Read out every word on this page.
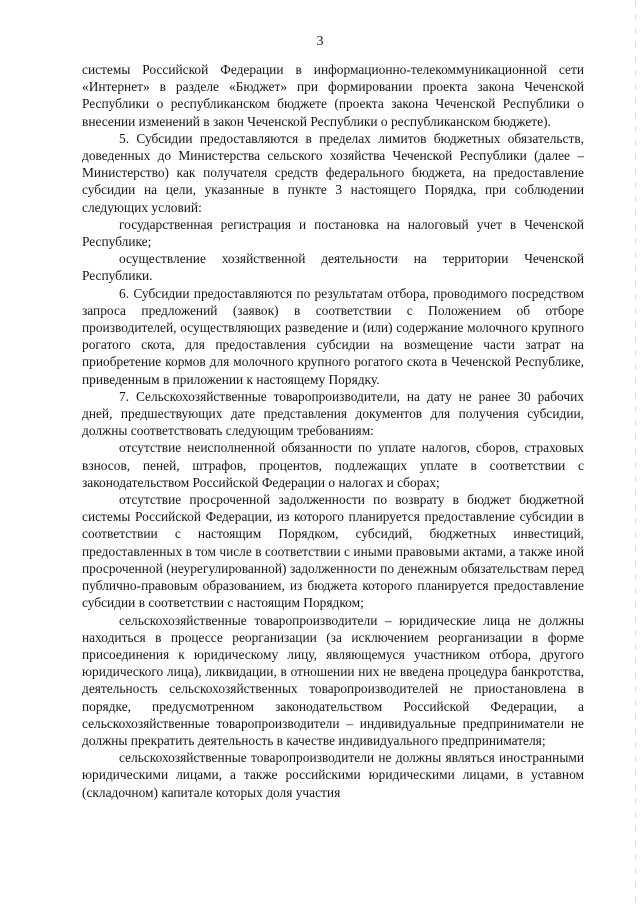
3

системы Российской Федерации в информационно-телекоммуникационной сети «Интернет» в разделе «Бюджет» при формировании проекта закона Чеченской Республики о республиканском бюджете (проекта закона Чеченской Республики о внесении изменений в закон Чеченской Республики о республиканском бюджете).

5. Субсидии предоставляются в пределах лимитов бюджетных обязательств, доведенных до Министерства сельского хозяйства Чеченской Республики (далее – Министерство) как получателя средств федерального бюджета, на предоставление субсидии на цели, указанные в пункте 3 настоящего Порядка, при соблюдении следующих условий:

государственная регистрация и постановка на налоговый учет в Чеченской Республике;

осуществление хозяйственной деятельности на территории Чеченской Республики.

6. Субсидии предоставляются по результатам отбора, проводимого посредством запроса предложений (заявок) в соответствии с Положением об отборе производителей, осуществляющих разведение и (или) содержание молочного крупного рогатого скота, для предоставления субсидии на возмещение части затрат на приобретение кормов для молочного крупного рогатого скота в Чеченской Республике, приведенным в приложении к настоящему Порядку.

7. Сельскохозяйственные товаропроизводители, на дату не ранее 30 рабочих дней, предшествующих дате представления документов для получения субсидии, должны соответствовать следующим требованиям:

отсутствие неисполненной обязанности по уплате налогов, сборов, страховых взносов, пеней, штрафов, процентов, подлежащих уплате в соответствии с законодательством Российской Федерации о налогах и сборах;

отсутствие просроченной задолженности по возврату в бюджет бюджетной системы Российской Федерации, из которого планируется предоставление субсидии в соответствии с настоящим Порядком, субсидий, бюджетных инвестиций, предоставленных в том числе в соответствии с иными правовыми актами, а также иной просроченной (неурегулированной) задолженности по денежным обязательствам перед публично-правовым образованием, из бюджета которого планируется предоставление субсидии в соответствии с настоящим Порядком;

сельскохозяйственные товаропроизводители – юридические лица не должны находиться в процессе реорганизации (за исключением реорганизации в форме присоединения к юридическому лицу, являющемуся участником отбора, другого юридического лица), ликвидации, в отношении них не введена процедура банкротства, деятельность сельскохозяйственных товаропроизводителей не приостановлена в порядке, предусмотренном законодательством Российской Федерации, а сельскохозяйственные товаропроизводители – индивидуальные предприниматели не должны прекратить деятельность в качестве индивидуального предпринимателя;

сельскохозяйственные товаропроизводители не должны являться иностранными юридическими лицами, а также российскими юридическими лицами, в уставном (складочном) капитале которых доля участия
